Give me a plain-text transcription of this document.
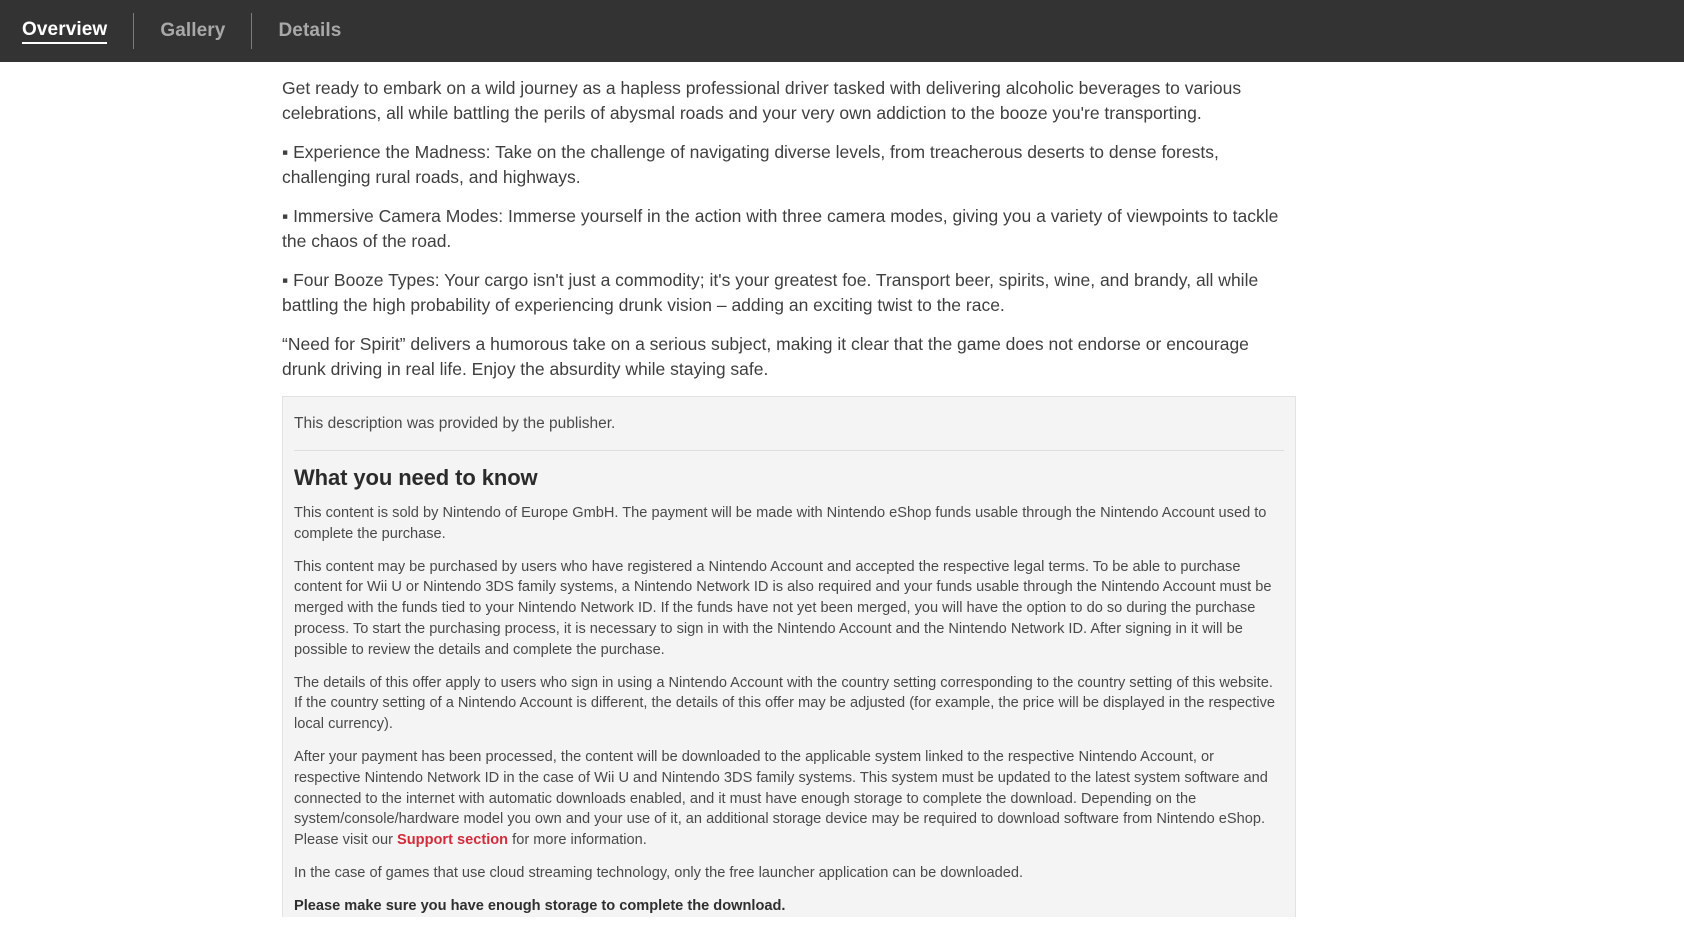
Overview	Gallery	Details

Get ready to embark on a wild journey as a hapless professional driver tasked with delivering alcoholic beverages to various celebrations, all while battling the perils of abysmal roads and your very own addiction to the booze you're transporting.

▪ Experience the Madness: Take on the challenge of navigating diverse levels, from treacherous deserts to dense forests, challenging rural roads, and highways.

▪ Immersive Camera Modes: Immerse yourself in the action with three camera modes, giving you a variety of viewpoints to tackle the chaos of the road.

▪ Four Booze Types: Your cargo isn't just a commodity; it's your greatest foe. Transport beer, spirits, wine, and brandy, all while battling the high probability of experiencing drunk vision – adding an exciting twist to the race.

“Need for Spirit” delivers a humorous take on a serious subject, making it clear that the game does not endorse or encourage drunk driving in real life. Enjoy the absurdity while staying safe.

This description was provided by the publisher.
What you need to know

This content is sold by Nintendo of Europe GmbH. The payment will be made with Nintendo eShop funds usable through the Nintendo Account used to complete the purchase.

This content may be purchased by users who have registered a Nintendo Account and accepted the respective legal terms. To be able to purchase content for Wii U or Nintendo 3DS family systems, a Nintendo Network ID is also required and your funds usable through the Nintendo Account must be merged with the funds tied to your Nintendo Network ID. If the funds have not yet been merged, you will have the option to do so during the purchase process. To start the purchasing process, it is necessary to sign in with the Nintendo Account and the Nintendo Network ID. After signing in it will be possible to review the details and complete the purchase.

The details of this offer apply to users who sign in using a Nintendo Account with the country setting corresponding to the country setting of this website. If the country setting of a Nintendo Account is different, the details of this offer may be adjusted (for example, the price will be displayed in the respective local currency).

After your payment has been processed, the content will be downloaded to the applicable system linked to the respective Nintendo Account, or respective Nintendo Network ID in the case of Wii U and Nintendo 3DS family systems. This system must be updated to the latest system software and connected to the internet with automatic downloads enabled, and it must have enough storage to complete the download. Depending on the system/console/hardware model you own and your use of it, an additional storage device may be required to download software from Nintendo eShop. Please visit our Support section for more information.

In the case of games that use cloud streaming technology, only the free launcher application can be downloaded.

Please make sure you have enough storage to complete the download.
